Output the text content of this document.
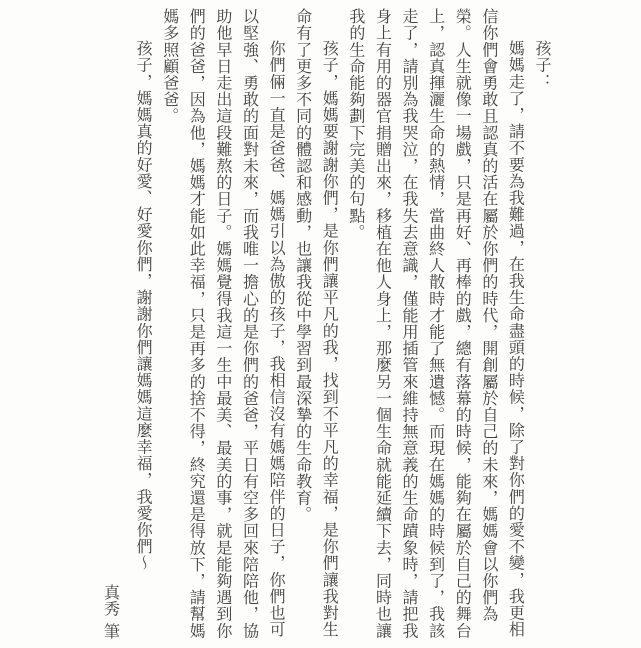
孩子：

媽媽走了，請不要為我難過，在我生命盡頭的時候，除了對你們的愛不變，我更相信你們會勇敢且認真的活在屬於你們的時代，開創屬於自己的未來，媽媽會以你們為榮。人生就像一場戲，只是再好、再棒的戲，總有落幕的時候，能夠在屬於自己的舞台上，認真揮灑生命的熱情，當曲終人散時才能了無遺憾。而現在媽媽的時候到了，我該走了，請別為我哭泣，在我失去意識，僅能用插管來維持無意義的生命蹟象時，請把我身上有用的器官捐贈出來，移植在他人身上，那麼另一個生命就能延續下去，同時也讓我的生命能夠劃下完美的句點。

孩子，媽媽要謝謝你們，是你們讓平凡的我，找到不平凡的幸福，是你們讓我對生命有了更多不同的體認和感動，也讓我從中學習到最深摯的生命教育。

你們倆一直是爸爸、媽媽引以為傲的孩子，我相信沒有媽媽陪伴的日子，你們也可以堅強、勇敢的面對未來，而我唯一擔心的是你們的爸爸，平日有空多回來陪陪他，協助他早日走出這段難熬的日子。媽媽覺得我這一生中最美、最美的事，就是能夠遇到你們的爸爸，因為他，媽媽才能如此幸福，只是再多的捨不得，終究還是得放下，請幫媽媽多照顧爸爸。

孩子，媽媽真的好愛、好愛你們，謝謝你們讓媽媽這麼幸福，我愛你們～

真秀 筆
